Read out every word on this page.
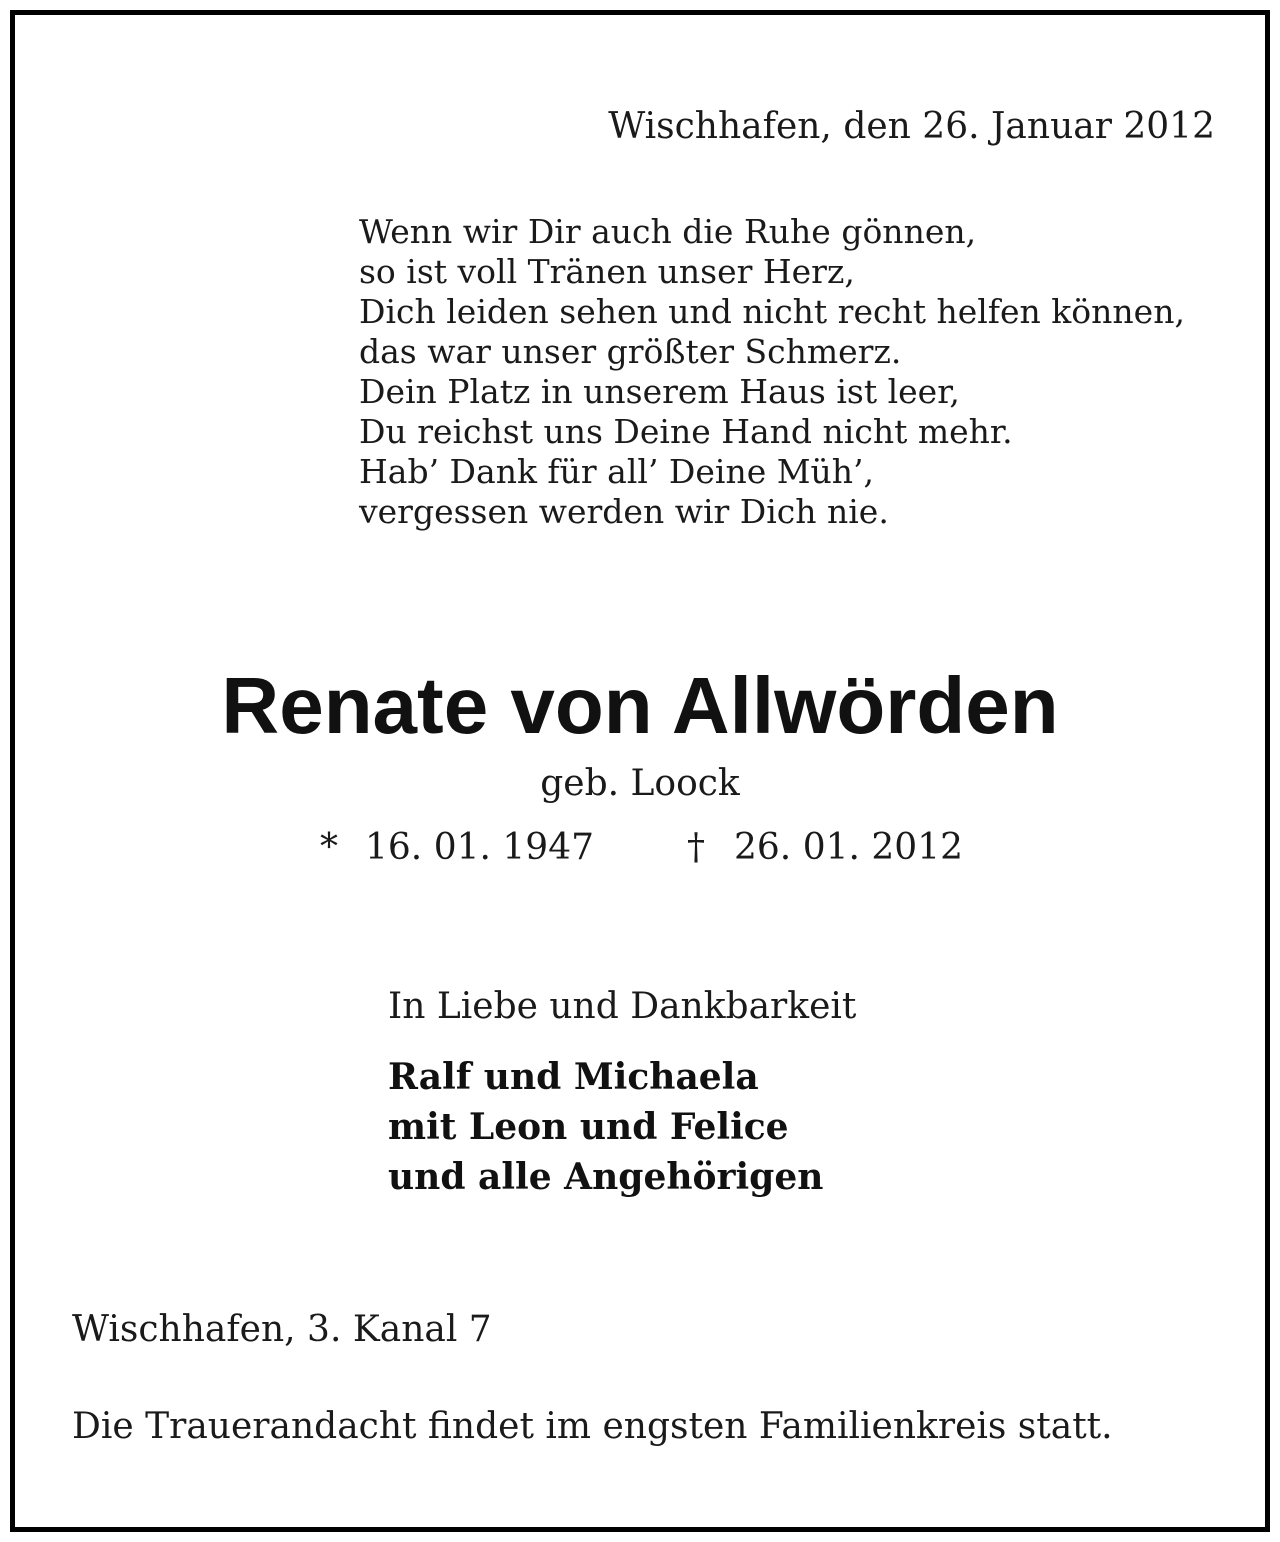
Wischhafen, den 26. Januar 2012

Wenn wir Dir auch die Ruhe gönnen,
so ist voll Tränen unser Herz,
Dich leiden sehen und nicht recht helfen können,
das war unser größter Schmerz.
Dein Platz in unserem Haus ist leer,
Du reichst uns Deine Hand nicht mehr.
Hab’ Dank für all’ Deine Müh’,
vergessen werden wir Dich nie.
Renate von Allwörden

geb. Loock

* 16. 01. 1947	† 26. 01. 2012

In Liebe und Dankbarkeit

Ralf und Michaela
mit Leon und Felice
und alle Angehörigen

Wischhafen, 3. Kanal 7

Die Trauerandacht findet im engsten Familienkreis statt.
